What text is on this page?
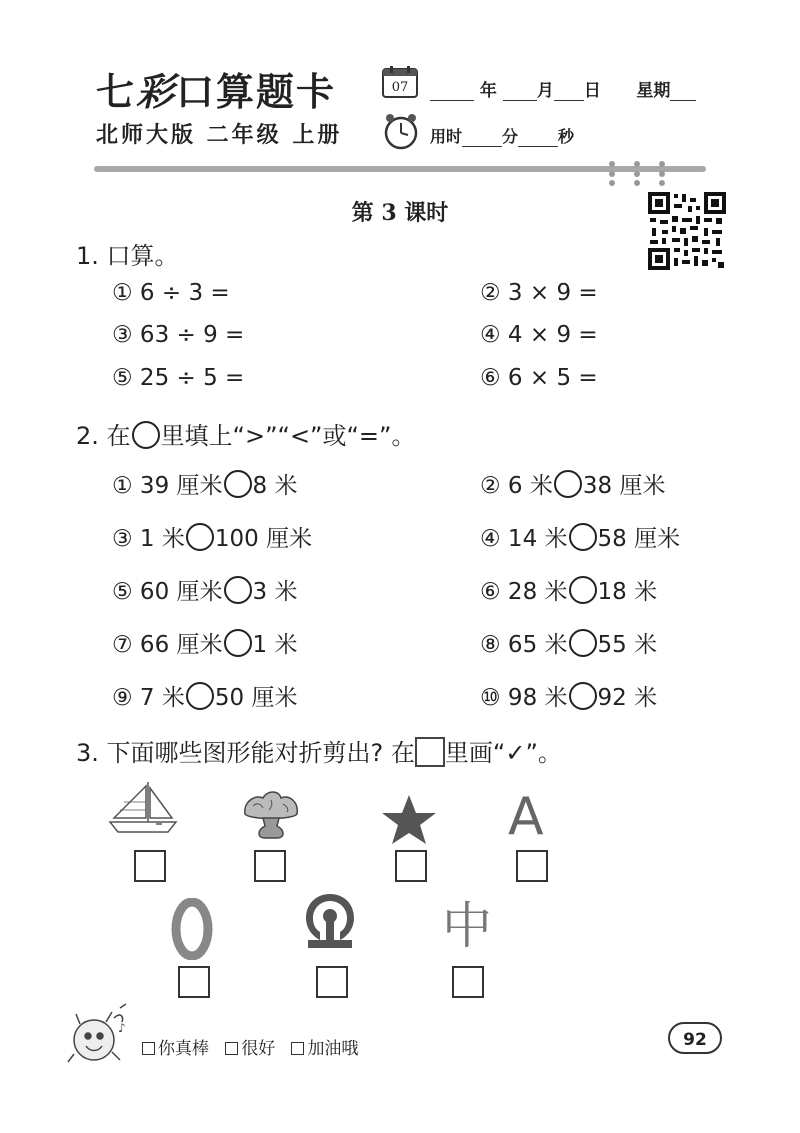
七彩口算题卡
北师大版 二年级 上册
07	年 月 日 星期
用时	分	秒
第 3 课时
1. 口算。
① 6 ÷ 3 =	② 3 × 9 =
③ 63 ÷ 9 =	④ 4 × 9 =
⑤ 25 ÷ 5 =	⑥ 6 × 5 =
2. 在 里填上“>”“<”或“=”。
① 39 厘米 8 米	② 6 米 38 厘米
③ 1 米 100 厘米	④ 14 米 58 厘米
⑤ 60 厘米 3 米	⑥ 28 米 18 米
⑦ 66 厘米 1 米	⑧ 65 米 55 米
⑨ 7 米 50 厘米	⑩ 98 米 92 米
3. 下面哪些图形能对折剪出? 在 里画“✓”。
A
中
♪
你真棒 很好 加油哦	92
